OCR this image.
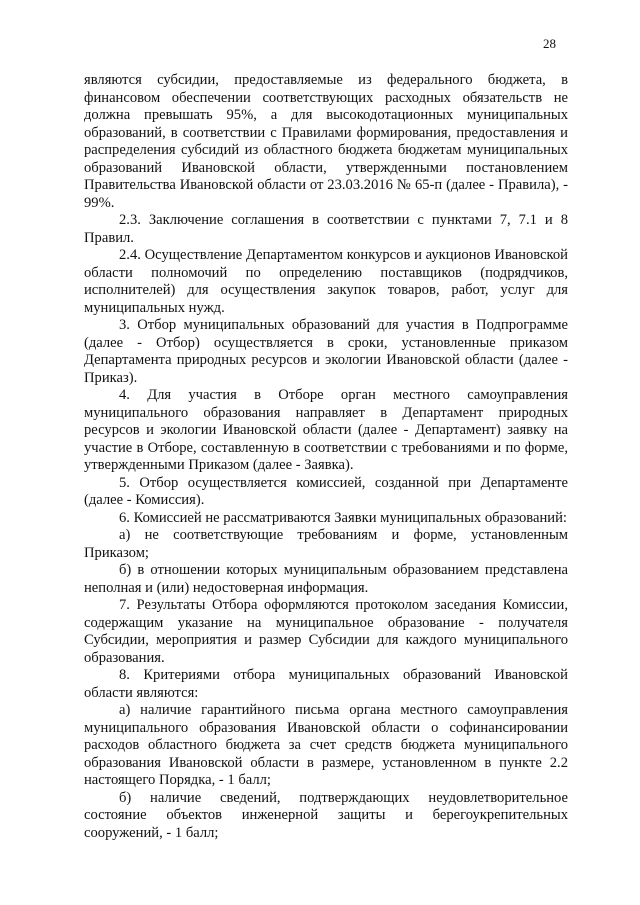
28

являются субсидии, предоставляемые из федерального бюджета, в финансовом обеспечении соответствующих расходных обязательств не должна превышать 95%, а для высокодотационных муниципальных образований, в соответствии с Правилами формирования, предоставления и распределения субсидий из областного бюджета бюджетам муниципальных образований Ивановской области, утвержденными постановлением Правительства Ивановской области от 23.03.2016 № 65-п (далее - Правила), - 99%.

2.3. Заключение соглашения в соответствии с пунктами 7, 7.1 и 8 Правил.

2.4. Осуществление Департаментом конкурсов и аукционов Ивановской области полномочий по определению поставщиков (подрядчиков, исполнителей) для осуществления закупок товаров, работ, услуг для муниципальных нужд.

3. Отбор муниципальных образований для участия в Подпрограмме (далее - Отбор) осуществляется в сроки, установленные приказом Департамента природных ресурсов и экологии Ивановской области (далее - Приказ).

4. Для участия в Отборе орган местного самоуправления муниципального образования направляет в Департамент природных ресурсов и экологии Ивановской области (далее - Департамент) заявку на участие в Отборе, составленную в соответствии с требованиями и по форме, утвержденными Приказом (далее - Заявка).

5. Отбор осуществляется комиссией, созданной при Департаменте (далее - Комиссия).

6. Комиссией не рассматриваются Заявки муниципальных образований:

а) не соответствующие требованиям и форме, установленным Приказом;

б) в отношении которых муниципальным образованием представлена неполная и (или) недостоверная информация.

7. Результаты Отбора оформляются протоколом заседания Комиссии, содержащим указание на муниципальное образование - получателя Субсидии, мероприятия и размер Субсидии для каждого муниципального образования.

8. Критериями отбора муниципальных образований Ивановской области являются:

а) наличие гарантийного письма органа местного самоуправления муниципального образования Ивановской области о софинансировании расходов областного бюджета за счет средств бюджета муниципального образования Ивановской области в размере, установленном в пункте 2.2 настоящего Порядка, - 1 балл;

б) наличие сведений, подтверждающих неудовлетворительное состояние объектов инженерной защиты и берегоукрепительных сооружений, - 1 балл;
